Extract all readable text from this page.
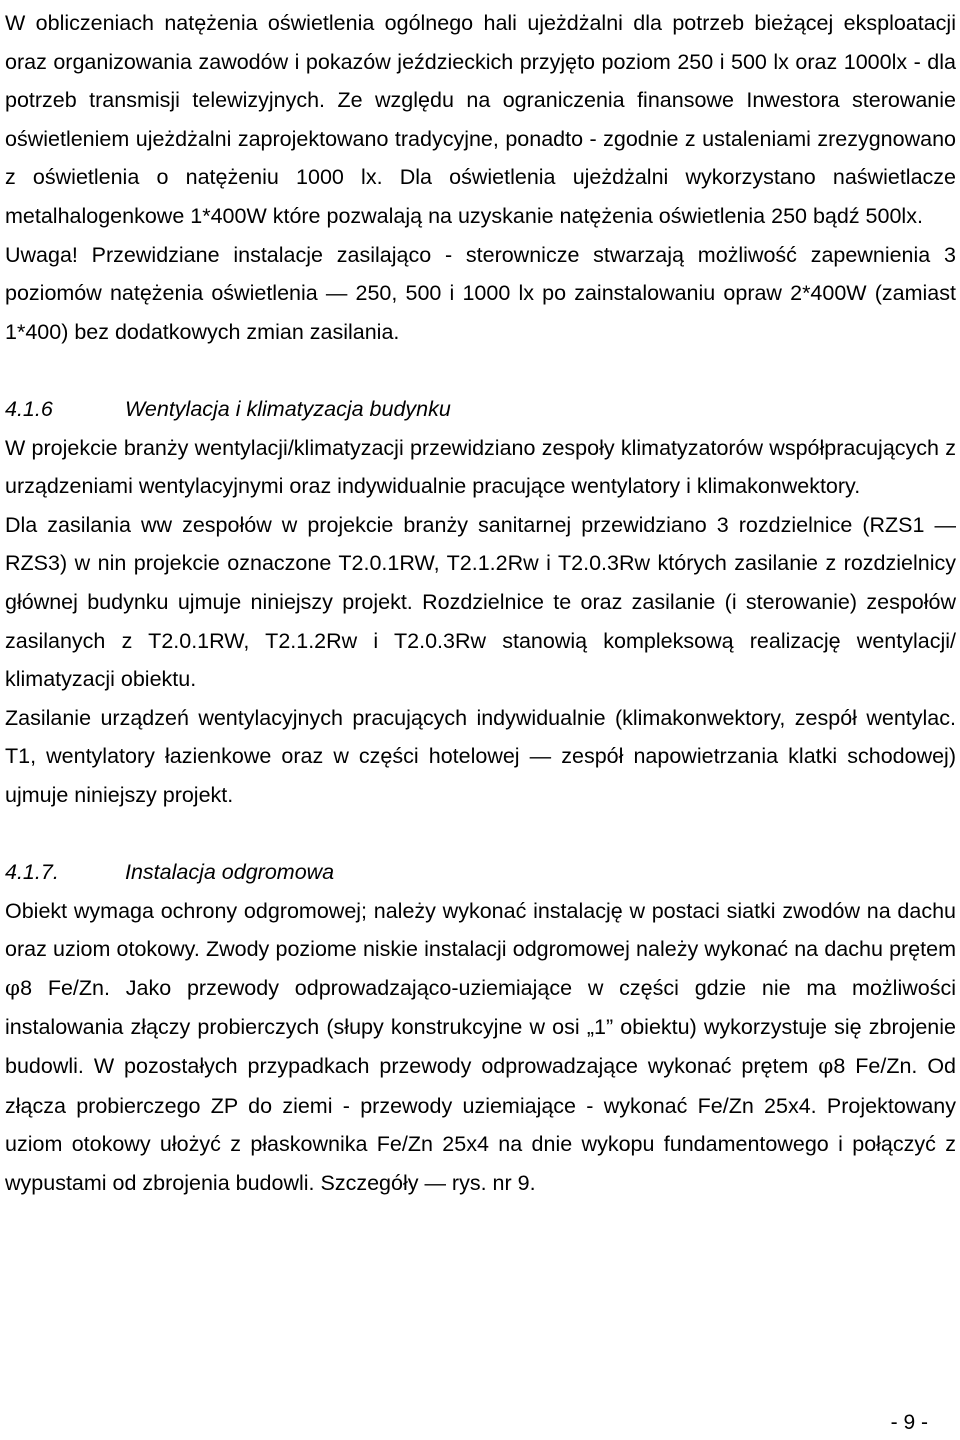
W obliczeniach natężenia oświetlenia ogólnego hali ujeżdżalni dla potrzeb bieżącej eksploatacji oraz organizowania zawodów i pokazów jeździeckich przyjęto poziom 250 i 500 lx oraz 1000lx - dla potrzeb transmisji telewizyjnych. Ze względu na ograniczenia finansowe Inwestora sterowanie oświetleniem ujeżdżalni zaprojektowano tradycyjne, ponadto - zgodnie z ustaleniami zrezygnowano z oświetlenia o natężeniu 1000 lx. Dla oświetlenia ujeżdżalni wykorzystano naświetlacze metalhalogenkowe 1*400W które pozwalają na uzyskanie natężenia oświetlenia 250 bądź 500lx.

Uwaga! Przewidziane instalacje zasilająco - sterownicze stwarzają możliwość zapewnienia 3 poziomów natężenia oświetlenia — 250, 500 i 1000 lx po zainstalowaniu opraw 2*400W (zamiast 1*400) bez dodatkowych zmian zasilania.

4.1.6	Wentylacja i klimatyzacja budynku

W projekcie branży wentylacji/klimatyzacji przewidziano zespoły klimatyzatorów współpracujących z urządzeniami wentylacyjnymi oraz indywidualnie pracujące wentylatory i klimakonwektory.

Dla zasilania ww zespołów w projekcie branży sanitarnej przewidziano 3 rozdzielnice (RZS1 — RZS3) w nin projekcie oznaczone T2.0.1RW, T2.1.2Rw i T2.0.3Rw których zasilanie z rozdzielnicy głównej budynku ujmuje niniejszy projekt. Rozdzielnice te oraz zasilanie (i sterowanie) zespołów zasilanych z T2.0.1RW, T2.1.2Rw i T2.0.3Rw stanowią kompleksową realizację wentylacji/ klimatyzacji obiektu.

Zasilanie urządzeń wentylacyjnych pracujących indywidualnie (klimakonwektory, zespół wentylac. T1, wentylatory łazienkowe oraz w części hotelowej — zespół napowietrzania klatki schodowej) ujmuje niniejszy projekt.

4.1.7.	Instalacja odgromowa

Obiekt wymaga ochrony odgromowej; należy wykonać instalację w postaci siatki zwodów na dachu oraz uziom otokowy. Zwody poziome niskie instalacji odgromowej należy wykonać na dachu prętem φ8 Fe/Zn. Jako przewody odprowadzająco-uziemiające w części gdzie nie ma możliwości instalowania złączy probierczych (słupy konstrukcyjne w osi „1” obiektu) wykorzystuje się zbrojenie budowli. W pozostałych przypadkach przewody odprowadzające wykonać prętem φ8 Fe/Zn. Od złącza probierczego ZP do ziemi - przewody uziemiające - wykonać Fe/Zn 25x4. Projektowany uziom otokowy ułożyć z płaskownika Fe/Zn 25x4 na dnie wykopu fundamentowego i połączyć z wypustami od zbrojenia budowli. Szczegóły — rys. nr 9.

- 9 -
